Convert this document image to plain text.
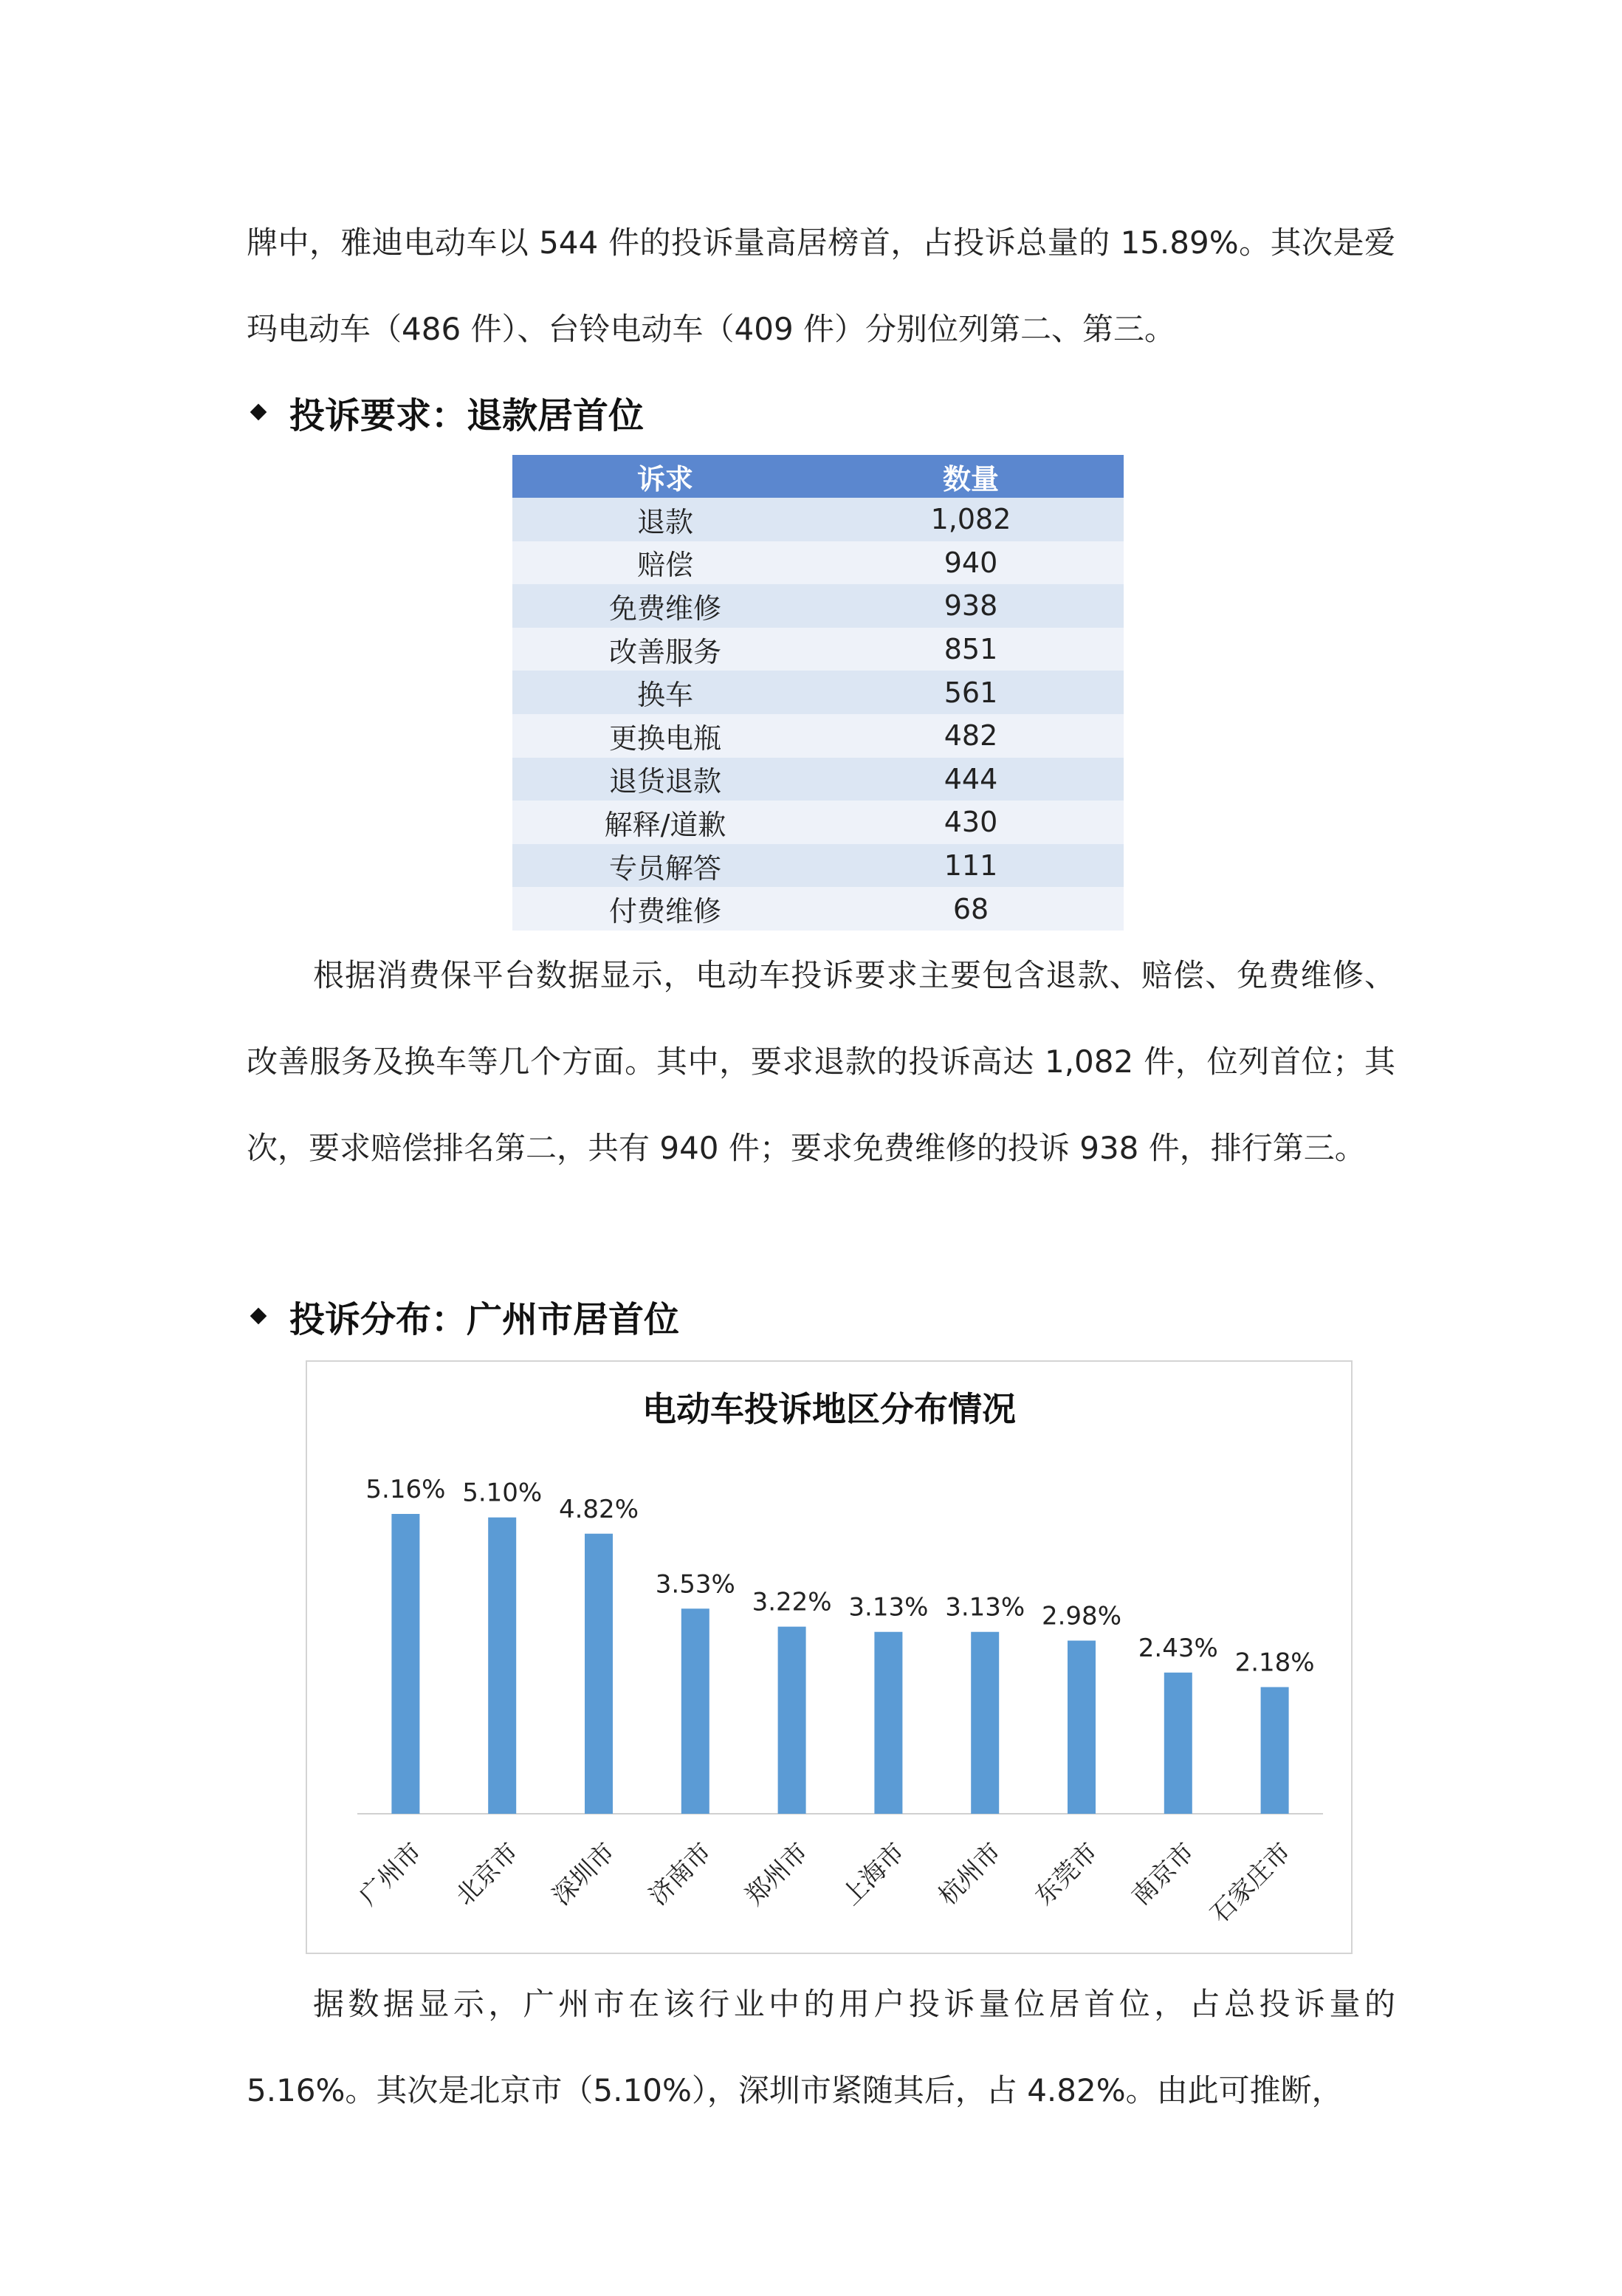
牌中，雅迪电动车以 544 件的投诉量高居榜首，占投诉总量的 15.89%。其次是爱玛电动车（486 件）、台铃电动车（409 件）分别位列第二、第三。

投诉要求：退款居首位
诉求	数量
退款	1,082
赔偿	940
免费维修	938
改善服务	851
换车	561
更换电瓶	482
退货退款	444
解释/道歉	430
专员解答	111
付费维修	68

根据消费保平台数据显示，电动车投诉要求主要包含退款、赔偿、免费维修、改善服务及换车等几个方面。其中，要求退款的投诉高达 1,082 件，位列首位；其次，要求赔偿排名第二，共有 940 件；要求免费维修的投诉 938 件，排行第三。

投诉分布：广州市居首位
电动车投诉地区分布情况
5.16%
广州市
5.10%
北京市
4.82%
深圳市
3.53%
济南市
3.22%
郑州市
3.13%
上海市
3.13%
杭州市
2.98%
东莞市
2.43%
南京市
2.18%
石家庄市

据数据显示，广州市在该行业中的用户投诉量位居首位，占总投诉量的 5.16%。其次是北京市（5.10%），深圳市紧随其后，占 4.82%。由此可推断，
